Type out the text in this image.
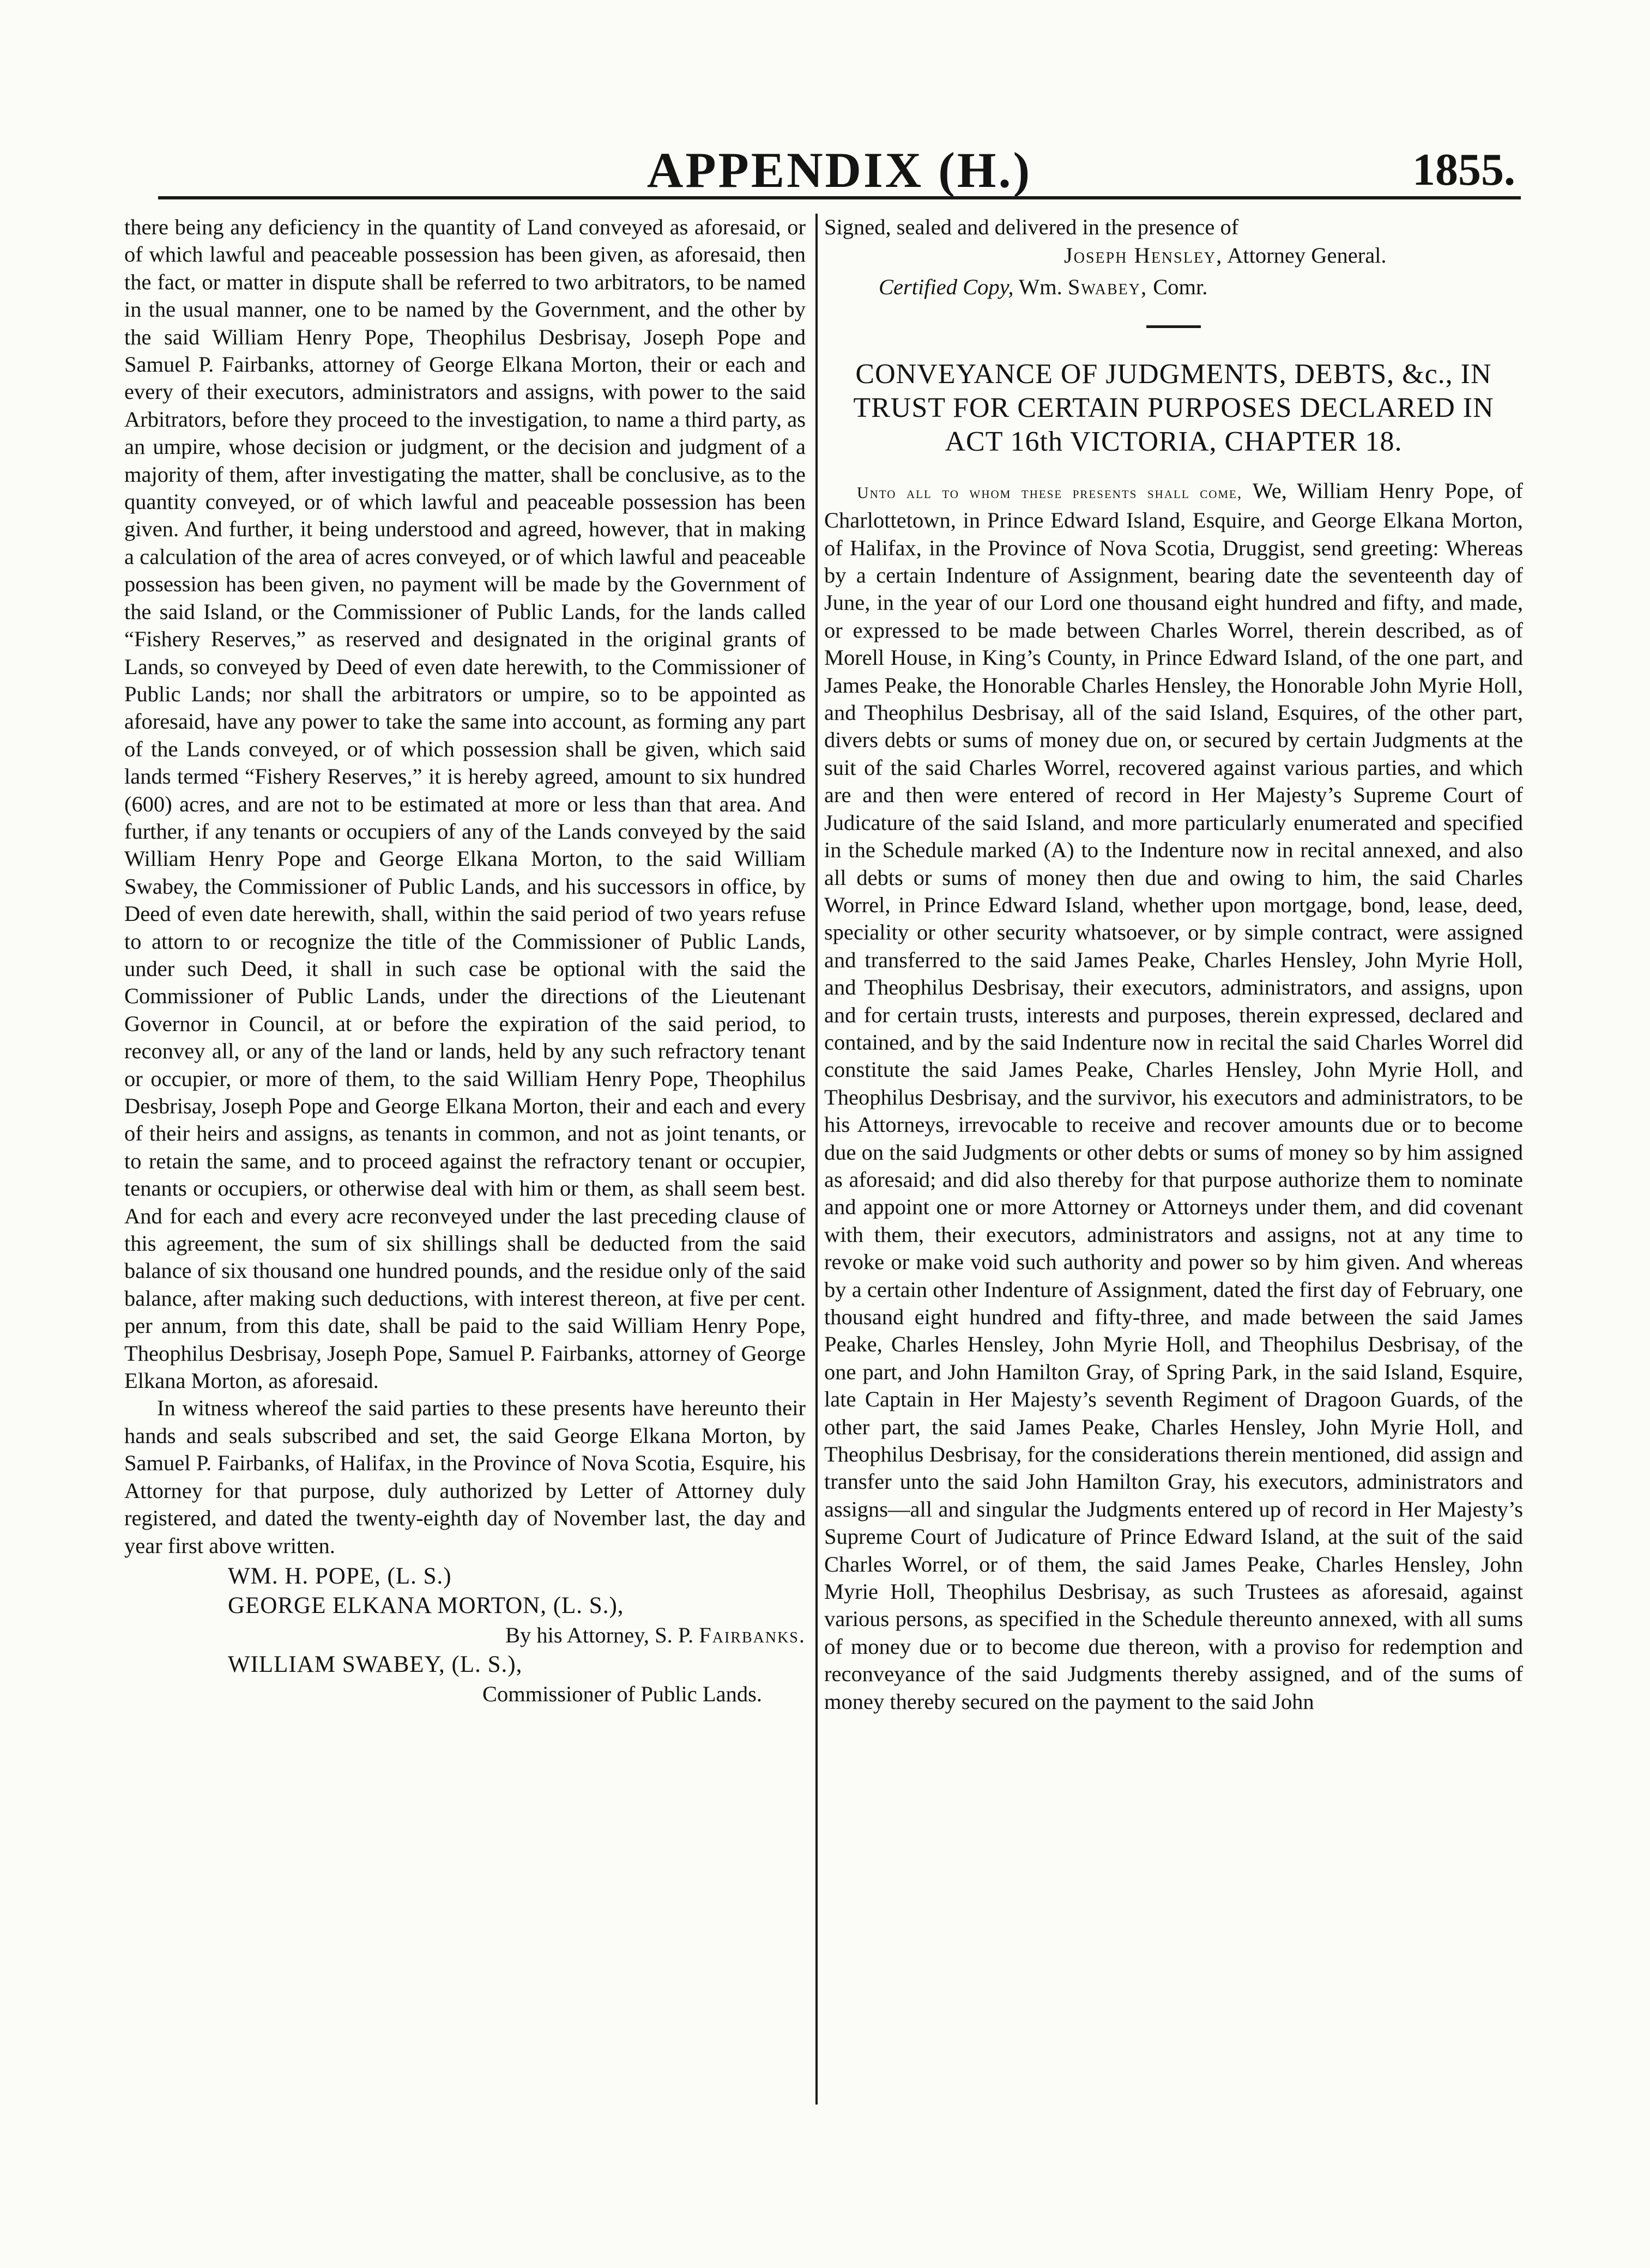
APPENDIX (H.)	1855.

there being any deficiency in the quantity of Land conveyed as aforesaid, or of which lawful and peaceable possession has been given, as aforesaid, then the fact, or matter in dispute shall be referred to two arbitrators, to be named in the usual manner, one to be named by the Government, and the other by the said William Henry Pope, Theophilus Desbrisay, Joseph Pope and Samuel P. Fairbanks, attorney of George Elkana Morton, their or each and every of their executors, administrators and assigns, with power to the said Arbitrators, before they proceed to the investigation, to name a third party, as an umpire, whose decision or judgment, or the decision and judgment of a majority of them, after investigating the matter, shall be conclusive, as to the quantity conveyed, or of which lawful and peaceable possession has been given. And further, it being understood and agreed, however, that in making a calculation of the area of acres conveyed, or of which lawful and peaceable possession has been given, no payment will be made by the Government of the said Island, or the Commissioner of Public Lands, for the lands called “Fishery Reserves,” as reserved and designated in the original grants of Lands, so conveyed by Deed of even date herewith, to the Commissioner of Public Lands; nor shall the arbitrators or umpire, so to be appointed as aforesaid, have any power to take the same into account, as forming any part of the Lands conveyed, or of which possession shall be given, which said lands termed “Fishery Reserves,” it is hereby agreed, amount to six hundred (600) acres, and are not to be estimated at more or less than that area. And further, if any tenants or occupiers of any of the Lands conveyed by the said William Henry Pope and George Elkana Morton, to the said William Swabey, the Commissioner of Public Lands, and his successors in office, by Deed of even date herewith, shall, within the said period of two years refuse to attorn to or recognize the title of the Commissioner of Public Lands, under such Deed, it shall in such case be optional with the said the Commissioner of Public Lands, under the directions of the Lieutenant Governor in Council, at or before the expiration of the said period, to reconvey all, or any of the land or lands, held by any such refractory tenant or occupier, or more of them, to the said William Henry Pope, Theophilus Desbrisay, Joseph Pope and George Elkana Morton, their and each and every of their heirs and assigns, as tenants in common, and not as joint tenants, or to retain the same, and to proceed against the refractory tenant or occupier, tenants or occupiers, or otherwise deal with him or them, as shall seem best. And for each and every acre reconveyed under the last preceding clause of this agreement, the sum of six shillings shall be deducted from the said balance of six thousand one hundred pounds, and the residue only of the said balance, after making such deductions, with interest thereon, at five per cent. per annum, from this date, shall be paid to the said William Henry Pope, Theophilus Desbrisay, Joseph Pope, Samuel P. Fairbanks, attorney of George Elkana Morton, as aforesaid.

In witness whereof the said parties to these presents have hereunto their hands and seals subscribed and set, the said George Elkana Morton, by Samuel P. Fairbanks, of Halifax, in the Province of Nova Scotia, Esquire, his Attorney for that purpose, duly authorized by Letter of Attorney duly registered, and dated the twenty-eighth day of November last, the day and year first above written.

WM. H. POPE, (L. S.)
GEORGE ELKANA MORTON, (L. S.),
By his Attorney, S. P. Fairbanks.
WILLIAM SWABEY, (L. S.),
Commissioner of Public Lands.

Signed, sealed and delivered in the presence of

Joseph Hensley, Attorney General.

Certified Copy, Wm. Swabey, Comr.

CONVEYANCE OF JUDGMENTS, DEBTS, &c., IN TRUST FOR CERTAIN PURPOSES DECLARED IN ACT 16th VICTORIA, CHAPTER 18.

Unto all to whom these presents shall come, We, William Henry Pope, of Charlottetown, in Prince Edward Island, Esquire, and George Elkana Morton, of Halifax, in the Province of Nova Scotia, Druggist, send greeting: Whereas by a certain Indenture of Assignment, bearing date the seventeenth day of June, in the year of our Lord one thousand eight hundred and fifty, and made, or expressed to be made between Charles Worrel, therein described, as of Morell House, in King’s County, in Prince Edward Island, of the one part, and James Peake, the Honorable Charles Hensley, the Honorable John Myrie Holl, and Theophilus Desbrisay, all of the said Island, Esquires, of the other part, divers debts or sums of money due on, or secured by certain Judgments at the suit of the said Charles Worrel, recovered against various parties, and which are and then were entered of record in Her Majesty’s Supreme Court of Judicature of the said Island, and more particularly enumerated and specified in the Schedule marked (A) to the Indenture now in recital annexed, and also all debts or sums of money then due and owing to him, the said Charles Worrel, in Prince Edward Island, whether upon mortgage, bond, lease, deed, speciality or other security whatsoever, or by simple contract, were assigned and transferred to the said James Peake, Charles Hensley, John Myrie Holl, and Theophilus Desbrisay, their executors, administrators, and assigns, upon and for certain trusts, interests and purposes, therein expressed, declared and contained, and by the said Indenture now in recital the said Charles Worrel did constitute the said James Peake, Charles Hensley, John Myrie Holl, and Theophilus Desbrisay, and the survivor, his executors and administrators, to be his Attorneys, irrevocable to receive and recover amounts due or to become due on the said Judgments or other debts or sums of money so by him assigned as aforesaid; and did also thereby for that purpose authorize them to nominate and appoint one or more Attorney or Attorneys under them, and did covenant with them, their executors, administrators and assigns, not at any time to revoke or make void such authority and power so by him given. And whereas by a certain other Indenture of Assignment, dated the first day of February, one thousand eight hundred and fifty-three, and made between the said James Peake, Charles Hensley, John Myrie Holl, and Theophilus Desbrisay, of the one part, and John Hamilton Gray, of Spring Park, in the said Island, Esquire, late Captain in Her Majesty’s seventh Regiment of Dragoon Guards, of the other part, the said James Peake, Charles Hensley, John Myrie Holl, and Theophilus Desbrisay, for the considerations therein mentioned, did assign and transfer unto the said John Hamilton Gray, his executors, administrators and assigns—all and singular the Judgments entered up of record in Her Majesty’s Supreme Court of Judicature of Prince Edward Island, at the suit of the said Charles Worrel, or of them, the said James Peake, Charles Hensley, John Myrie Holl, Theophilus Desbrisay, as such Trustees as aforesaid, against various persons, as specified in the Schedule thereunto annexed, with all sums of money due or to become due thereon, with a proviso for redemption and reconveyance of the said Judgments thereby assigned, and of the sums of money thereby secured on the payment to the said John
